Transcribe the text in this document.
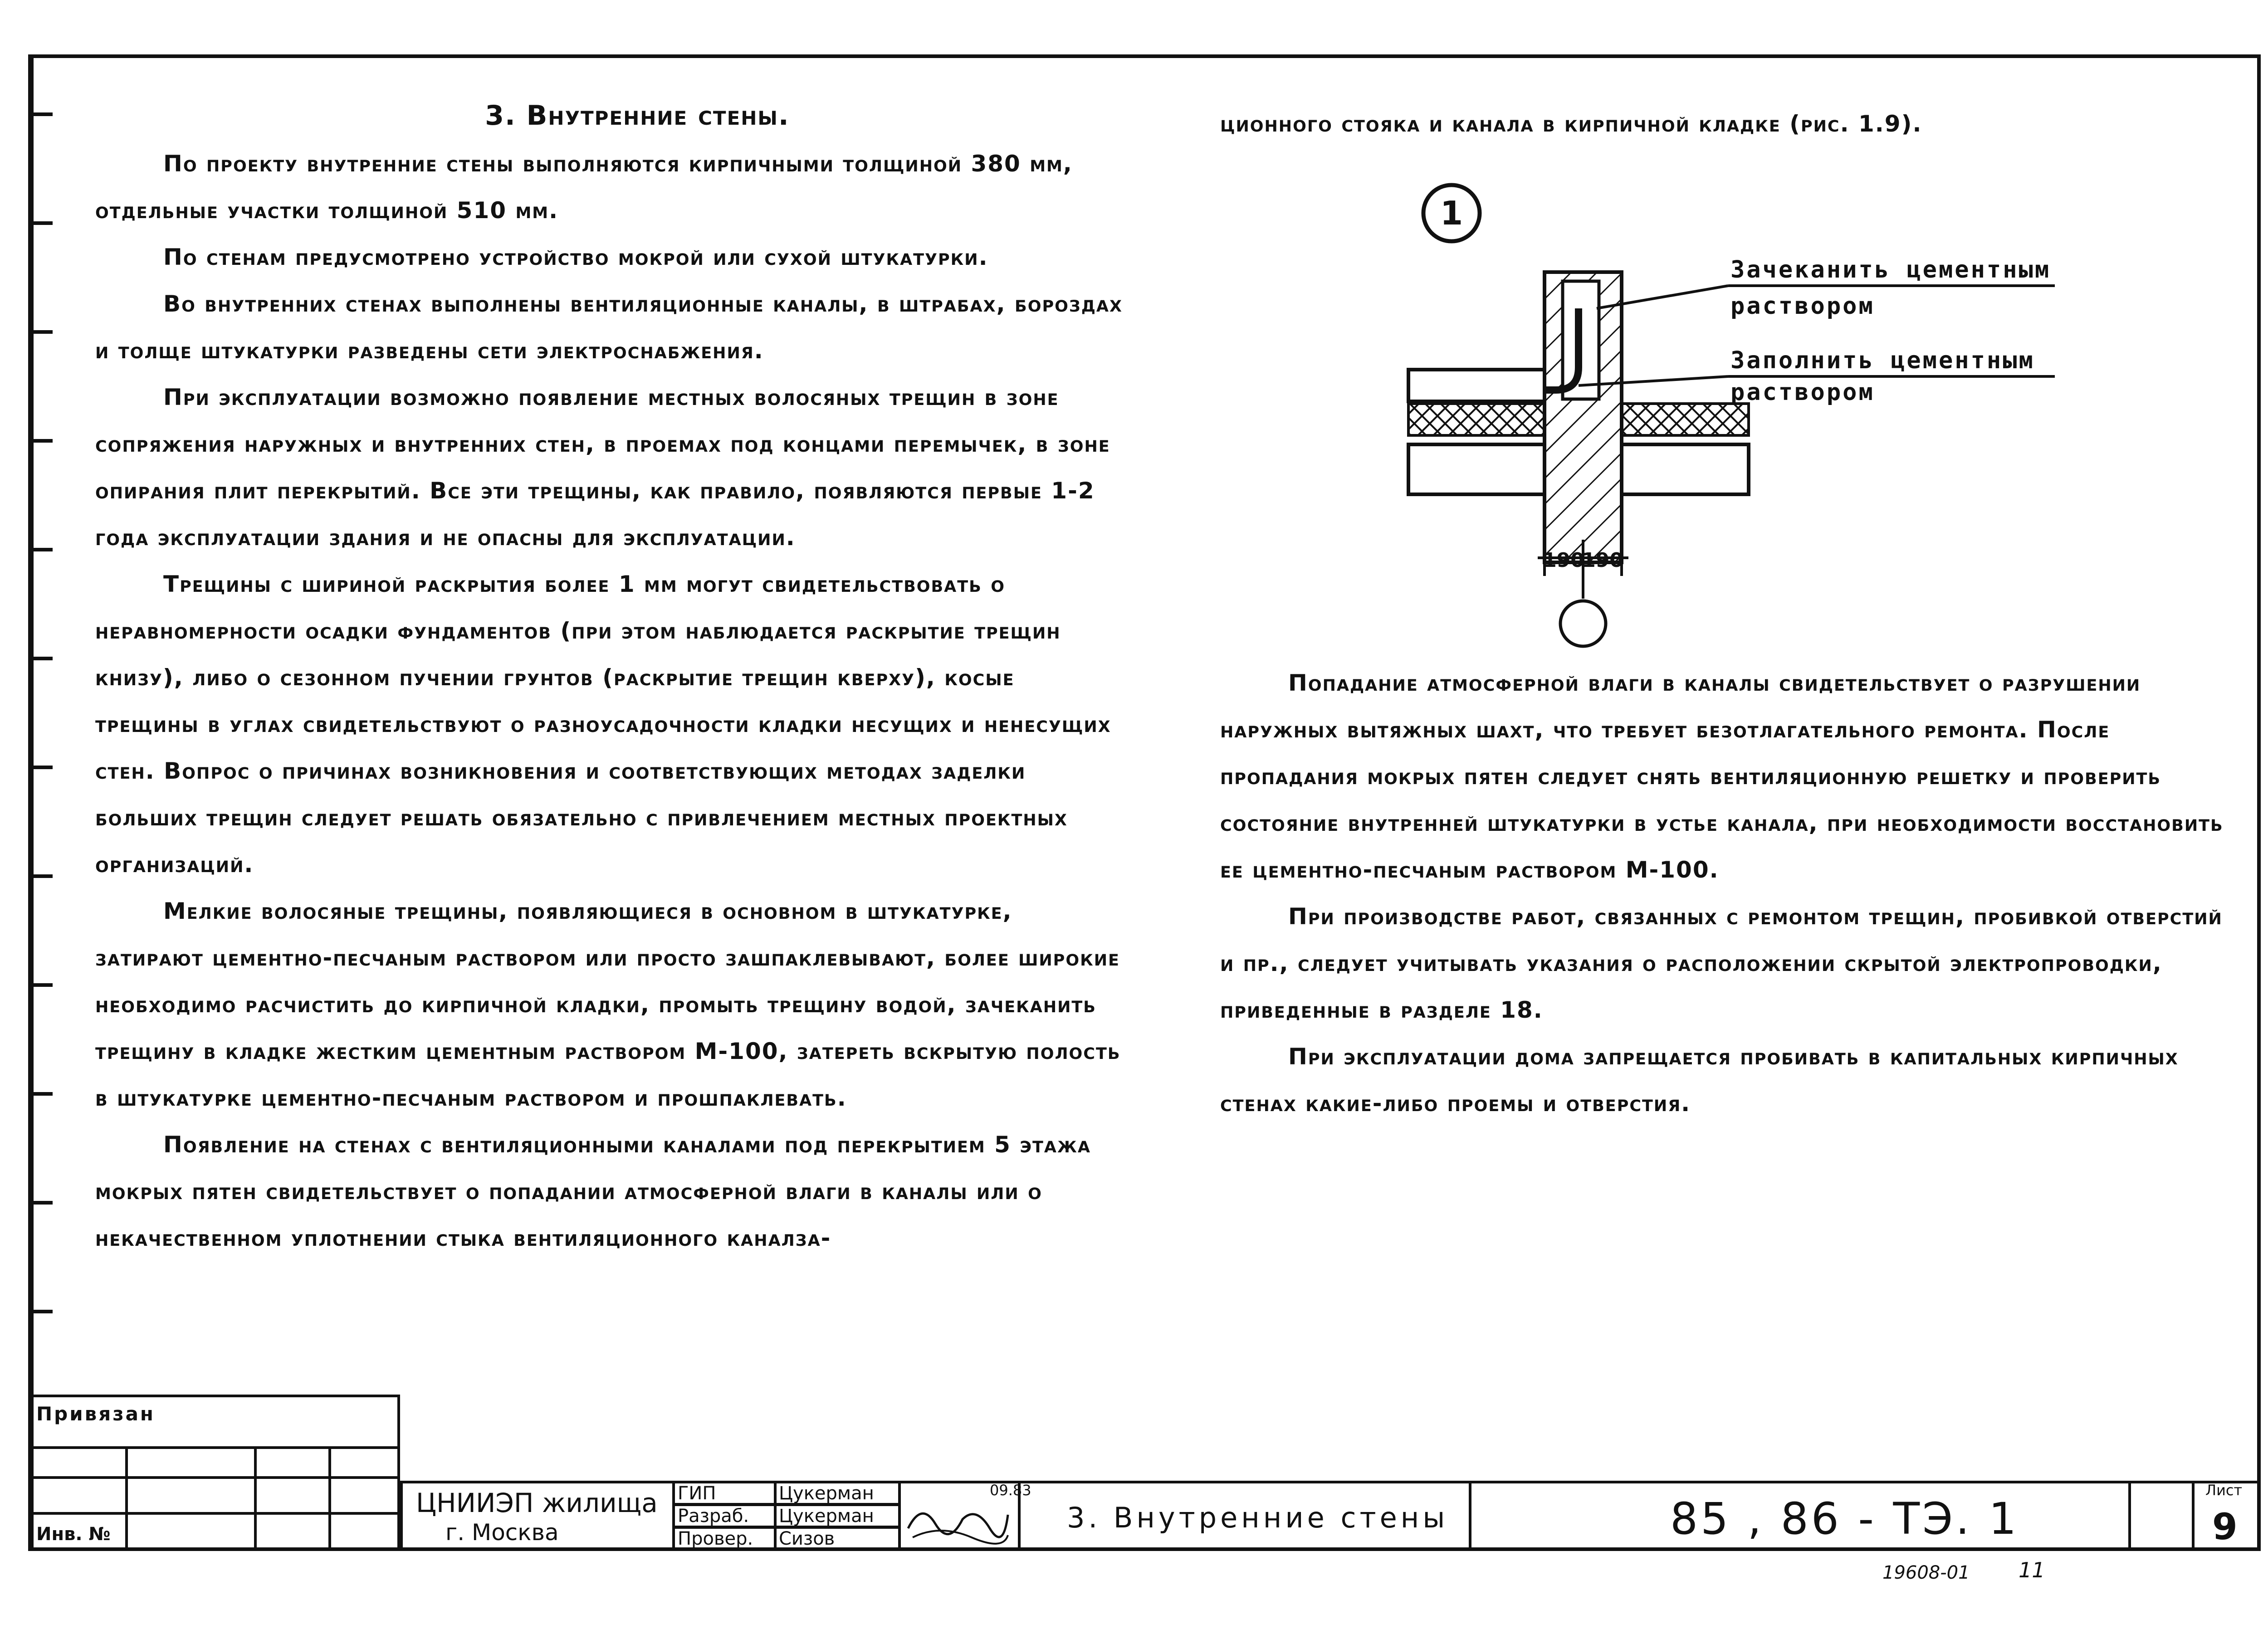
3. Внутренние стены.

По проекту внутренние стены выполняются кирпичными толщиной 380 мм, отдельные участки толщиной 510 мм.

По стенам предусмотрено устройство мокрой или сухой штукатурки.

Во внутренних стенах выполнены вентиляционные каналы, в штрабах, бороздах и толще штукатурки разведены сети электроснабжения.

При эксплуатации возможно появление местных волосяных трещин в зоне сопряжения наружных и внутренних стен, в проемах под концами перемычек, в зоне опирания плит перекрытий. Все эти трещины, как правило, появляются первые 1-2 года эксплуатации здания и не опасны для эксплуатации.

Трещины с шириной раскрытия более 1 мм могут свидетельствовать о неравномерности осадки фундаментов (при этом наблюдается раскрытие трещин книзу), либо о сезонном пучении грунтов (раскрытие трещин кверху), косые трещины в углах свидетельствуют о разноусадочности кладки несущих и ненесущих стен. Вопрос о причинах возникновения и соответствующих методах заделки больших трещин следует решать обязательно с привлечением местных проектных организаций.

Мелкие волосяные трещины, появляющиеся в основном в штукатурке, затирают цементно-песчаным раствором или просто зашпаклевывают, более широкие необходимо расчистить до кирпичной кладки, промыть трещину водой, зачеканить трещину в кладке жестким цементным раствором М-100, затереть вскрытую полость в штукатурке цементно-песчаным раствором и прошпаклевать.

Появление на стенах с вентиляционными каналами под перекрытием 5 этажа мокрых пятен свидетельствует о попадании атмосферной влаги в каналы или о некачественном уплотнении стыка вентиляционного каналза-

ционного стояка и канала в кирпичной кладке (рис. 1.9).

1
190
190
Зачеканить цементным
раствором
Заполнить цементным
раствором

Попадание атмосферной влаги в каналы свидетельствует о разрушении наружных вытяжных шахт, что требует безотлагательного ремонта. После пропадания мокрых пятен следует снять вентиляционную решетку и проверить состояние внутренней штукатурки в устье канала, при необходимости восстановить ее цементно-песчаным раствором М-100.

При производстве работ, связанных с ремонтом трещин, пробивкой отверстий и пр., следует учитывать указания о расположении скрытой электропроводки, приведенные в разделе 18.

При эксплуатации дома запрещается пробивать в капитальных кирпичных стенах какие-либо проемы и отверстия.

Привязан
Инв. №
ЦНИИЭП жилища
г. Москва
ГИП
Разраб.
Провер.
Цукерман
Цукерман
Сизов
09.83
3. Внутренние стены	85 , 86 - ТЭ. 1
Лист
9
19608-01 11
